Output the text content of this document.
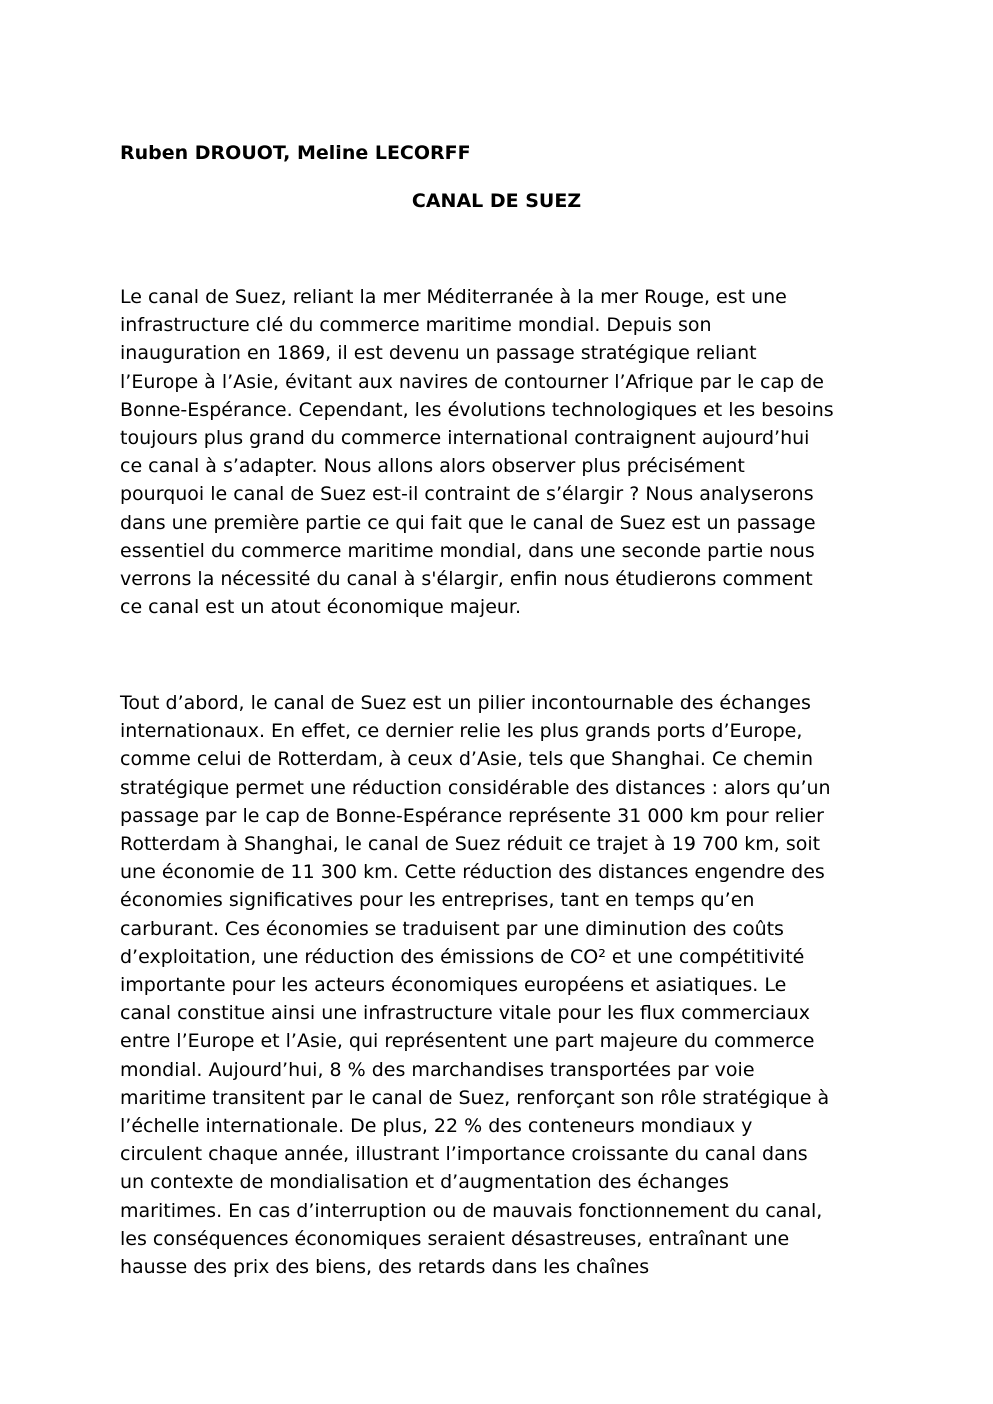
Ruben DROUOT, Meline LECORFF
CANAL DE SUEZ

Le canal de Suez, reliant la mer Méditerranée à la mer Rouge, est une
infrastructure clé du commerce maritime mondial. Depuis son
inauguration en 1869, il est devenu un passage stratégique reliant
l’Europe à l’Asie, évitant aux navires de contourner l’Afrique par le cap de
Bonne-Espérance. Cependant, les évolutions technologiques et les besoins
toujours plus grand du commerce international contraignent aujourd’hui
ce canal à s’adapter. Nous allons alors observer plus précisément
pourquoi le canal de Suez est-il contraint de s’élargir ? Nous analyserons
dans une première partie ce qui fait que le canal de Suez est un passage
essentiel du commerce maritime mondial, dans une seconde partie nous
verrons la nécessité du canal à s'élargir, enfin nous étudierons comment
ce canal est un atout économique majeur.

Tout d’abord, le canal de Suez est un pilier incontournable des échanges
internationaux. En effet, ce dernier relie les plus grands ports d’Europe,
comme celui de Rotterdam, à ceux d’Asie, tels que Shanghai. Ce chemin
stratégique permet une réduction considérable des distances : alors qu’un
passage par le cap de Bonne-Espérance représente 31 000 km pour relier
Rotterdam à Shanghai, le canal de Suez réduit ce trajet à 19 700 km, soit
une économie de 11 300 km. Cette réduction des distances engendre des
économies significatives pour les entreprises, tant en temps qu’en
carburant. Ces économies se traduisent par une diminution des coûts
d’exploitation, une réduction des émissions de CO² et une compétitivité
importante pour les acteurs économiques européens et asiatiques. Le
canal constitue ainsi une infrastructure vitale pour les flux commerciaux
entre l’Europe et l’Asie, qui représentent une part majeure du commerce
mondial. Aujourd’hui, 8 % des marchandises transportées par voie
maritime transitent par le canal de Suez, renforçant son rôle stratégique à
l’échelle internationale. De plus, 22 % des conteneurs mondiaux y
circulent chaque année, illustrant l’importance croissante du canal dans
un contexte de mondialisation et d’augmentation des échanges
maritimes. En cas d’interruption ou de mauvais fonctionnement du canal,
les conséquences économiques seraient désastreuses, entraînant une
hausse des prix des biens, des retards dans les chaînes
